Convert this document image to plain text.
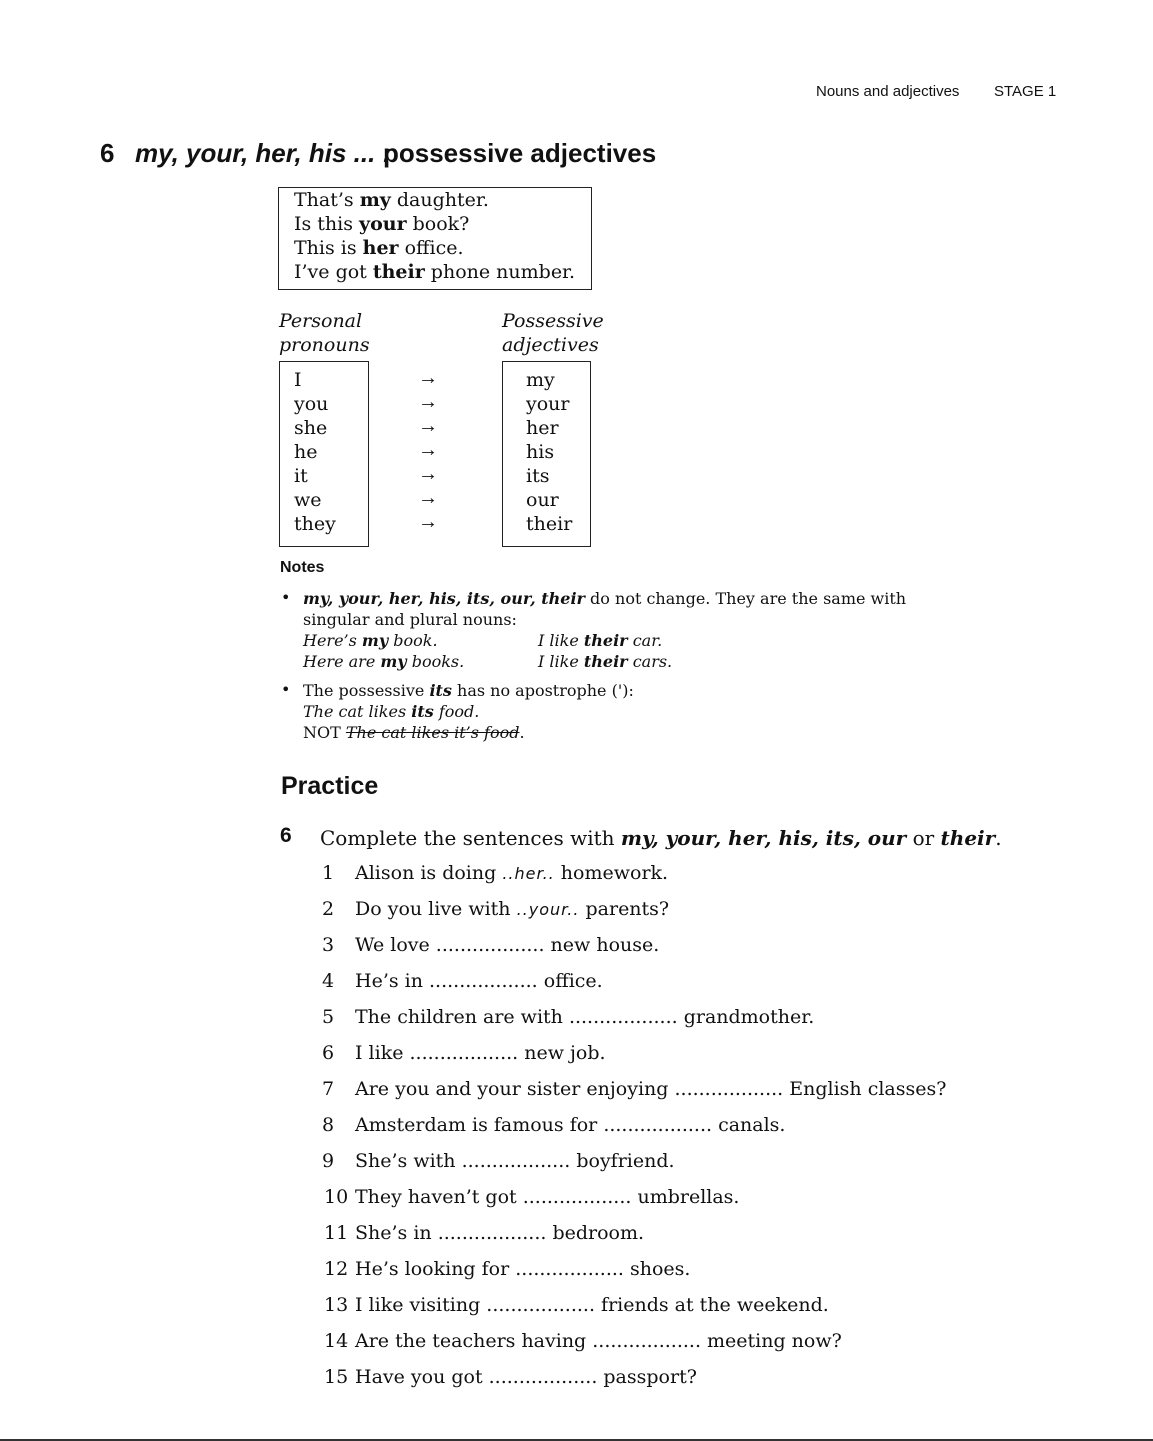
Nouns and adjectives STAGE 1
6 my, your, her, his ... :
possessive adjectives
That’s my daughter.
Is this your book?
This is her office.
I’ve got their phone number.
Personal
pronouns
Possessive
adjectives
I
you
she
he
it
we
they
→
→
→
→
→
→
→
my
your
her
his
its
our
their
Notes
• my, your, her, his, its, our, their do not change. They are the same with
singular and plural nouns:
Here’s my book.	I like their car.
Here are my books.	I like their cars.
• The possessive its has no apostrophe ('):
The cat likes its food.
NOT The cat likes it’s food.
Practice
6 Complete the sentences with my, your, her, his, its, our or their.
1 Alison is doing ..her.. homework.
2 Do you live with ..your.. parents?
3 We love .................. new house.
4 He’s in .................. office.
5 The children are with .................. grandmother.
6 I like .................. new job.
7 Are you and your sister enjoying .................. English classes?
8 Amsterdam is famous for .................. canals.
9 She’s with .................. boyfriend.
10 They haven’t got .................. umbrellas.
11 She’s in .................. bedroom.
12 He’s looking for .................. shoes.
13 I like visiting .................. friends at the weekend.
14 Are the teachers having .................. meeting now?
15 Have you got .................. passport?
